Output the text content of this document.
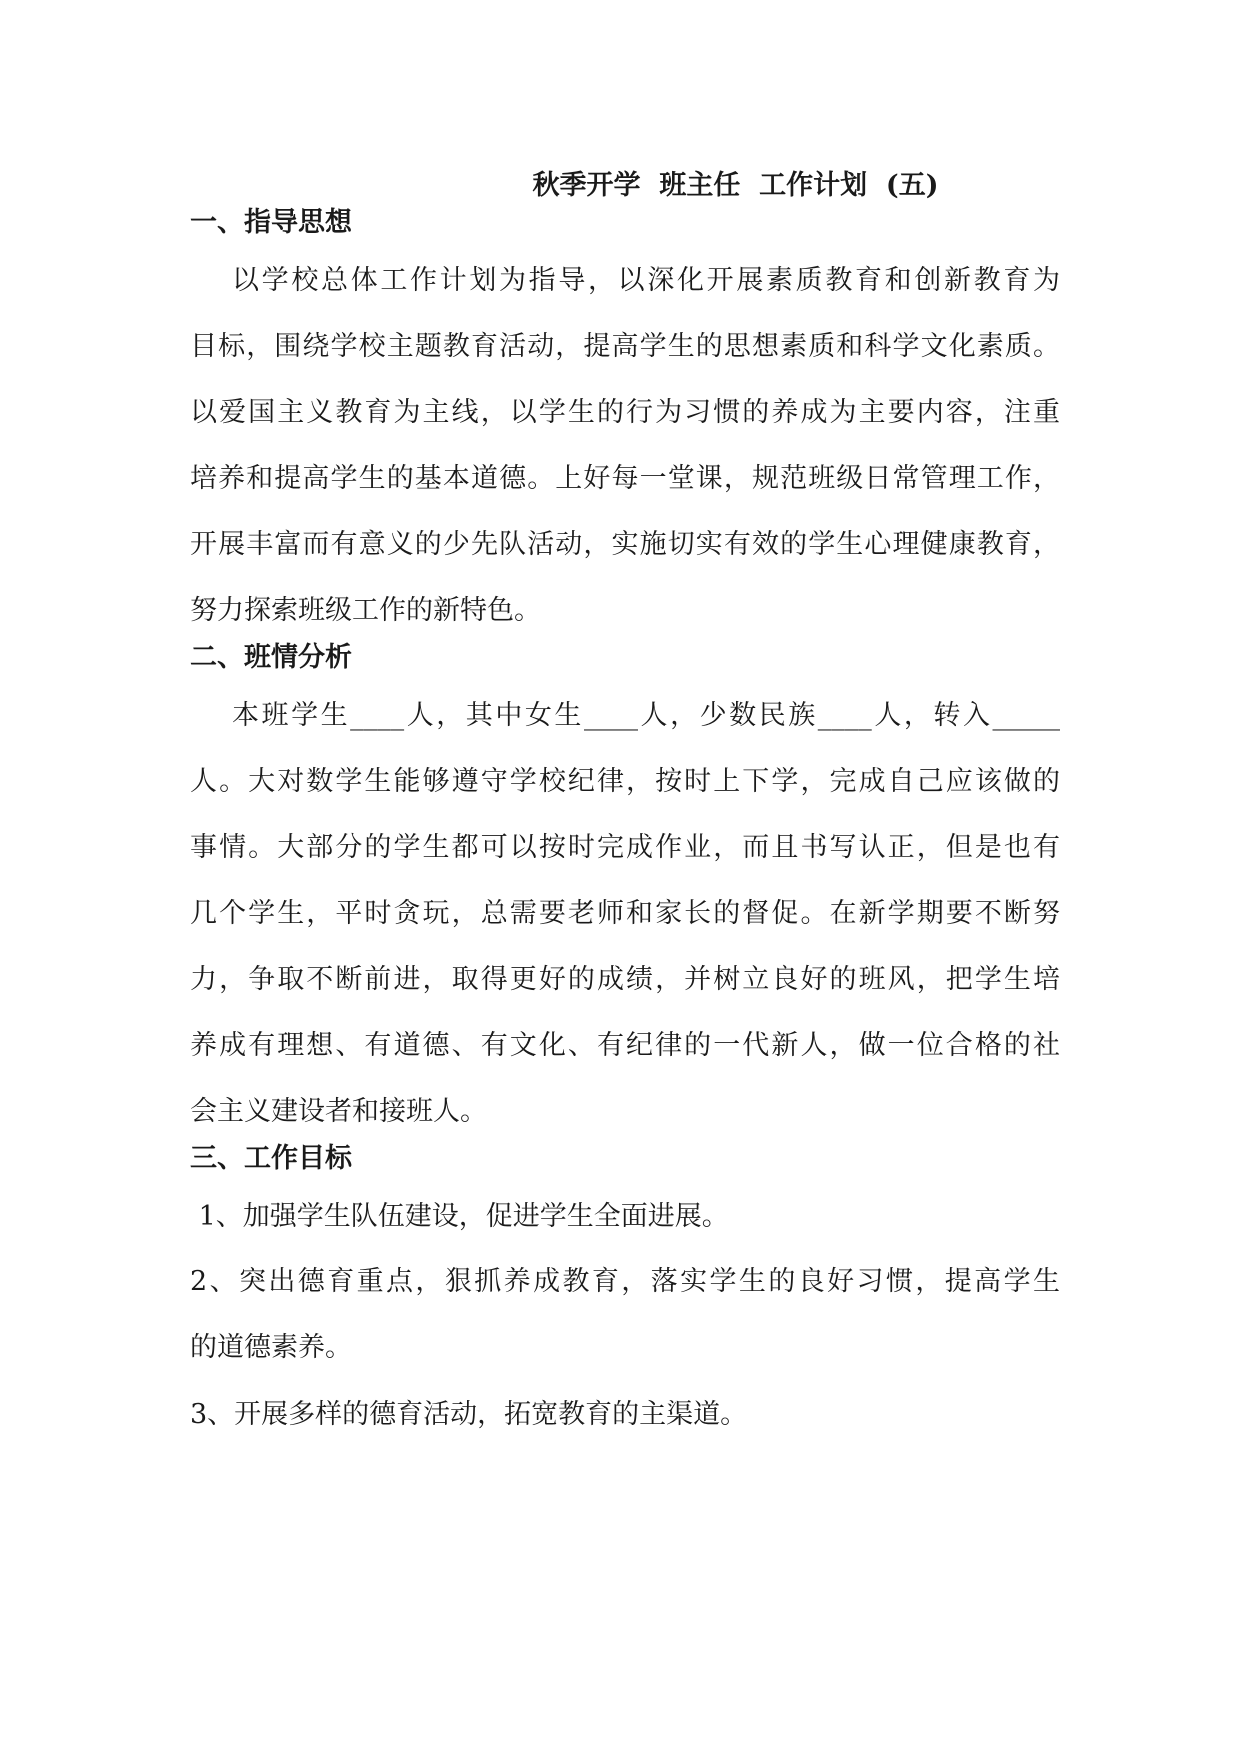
秋季开学  班主任  工作计划  (五)
一、指导思想
以学校总体工作计划为指导，以深化开展素质教育和创新教育为
目标，围绕学校主题教育活动，提高学生的思想素质和科学文化素质。
以爱国主义教育为主线，以学生的行为习惯的养成为主要内容，注重
培养和提高学生的基本道德。上好每一堂课，规范班级日常管理工作，
开展丰富而有意义的少先队活动，实施切实有效的学生心理健康教育，
努力探索班级工作的新特色。
二、班情分析
本班学生____人，其中女生____人，少数民族____人，转入_____
人。大对数学生能够遵守学校纪律，按时上下学，完成自己应该做的
事情。大部分的学生都可以按时完成作业，而且书写认正，但是也有
几个学生，平时贪玩，总需要老师和家长的督促。在新学期要不断努
力，争取不断前进，取得更好的成绩，并树立良好的班风，把学生培
养成有理想、有道德、有文化、有纪律的一代新人，做一位合格的社
会主义建设者和接班人。
三、工作目标
1、加强学生队伍建设，促进学生全面进展。
2、突出德育重点，狠抓养成教育，落实学生的良好习惯，提高学生
的道德素养。
3、开展多样的德育活动，拓宽教育的主渠道。
